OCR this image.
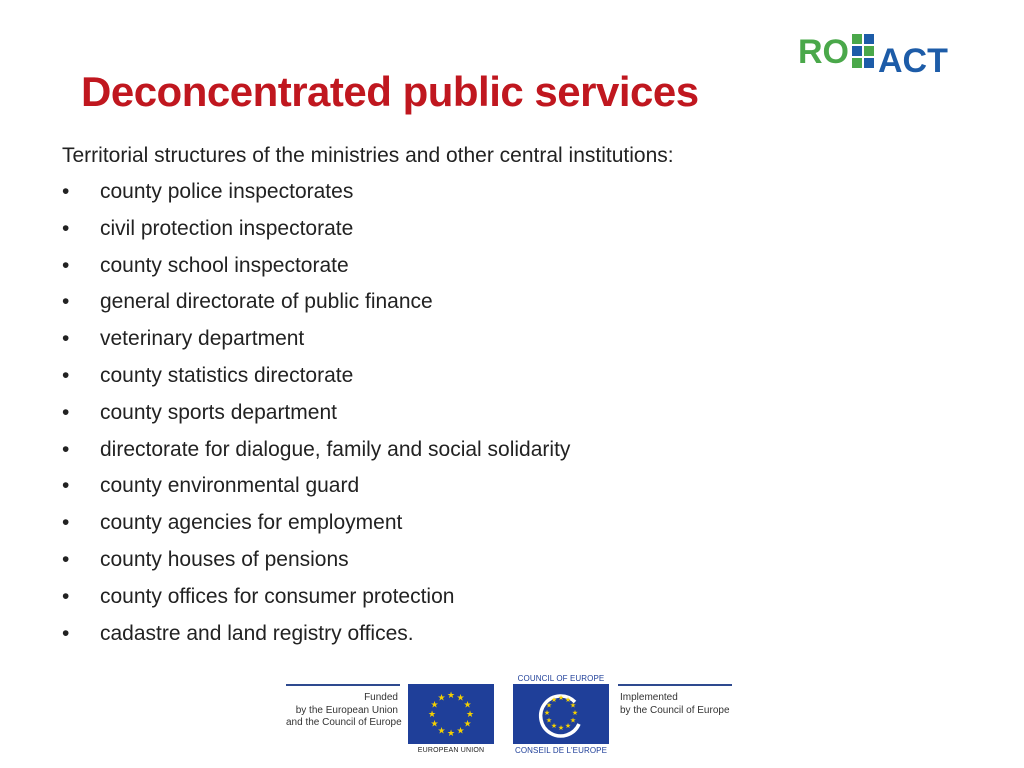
RO ACT
Deconcentrated public services
Territorial structures of the ministries and other central institutions:
•	county police inspectorates
•	civil protection inspectorate
•	county school inspectorate
•	general directorate of public finance
•	veterinary department
•	county statistics directorate
•	county sports department
•	directorate for dialogue, family and social solidarity
•	county environmental guard
•	county agencies for employment
•	county houses of pensions
•	county offices for consumer protection
•	cadastre and land registry offices.
Funded
by the European Union
and the Council of Europe
★ ★
★
★
★
★
★
★
★
★
★
★
EUROPEAN UNION
COUNCIL OF EUROPE
★ ★
★
★
★
★
★
★
★
★
★
★
CONSEIL DE L'EUROPE
Implemented
by the Council of Europe
